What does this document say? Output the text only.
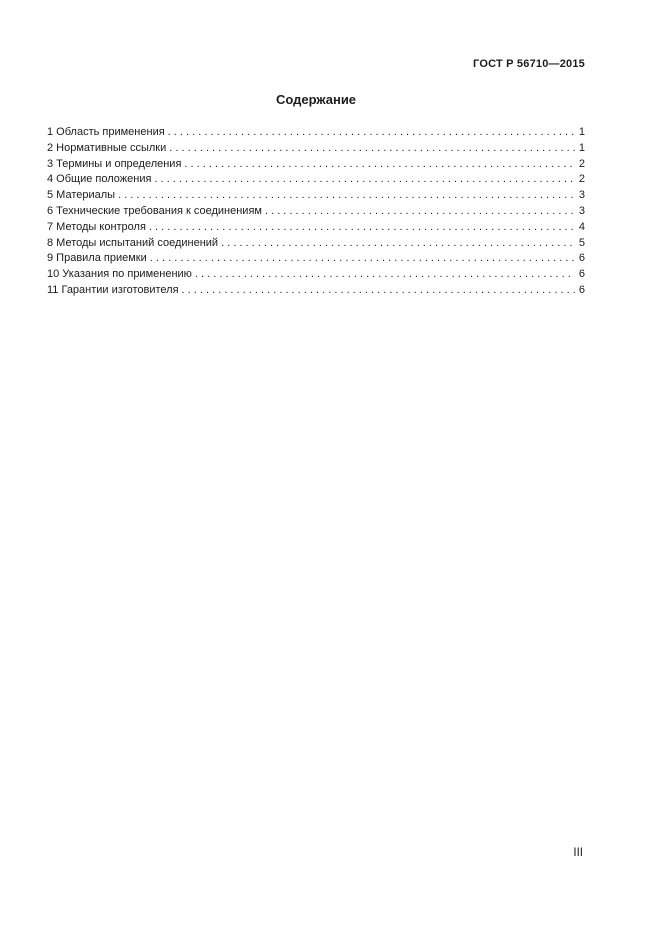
ГОСТ Р 56710—2015
Содержание
1 Область применения . . .	1
2 Нормативные ссылки . . .	1
3 Термины и определения . . .	2
4 Общие положения . . .	2
5 Материалы . . .	3
6 Технические требования к соединениям . . .	3
7 Методы контроля . . .	4
8 Методы испытаний соединений . . .	5
9 Правила приемки . . .	6
10 Указания по применению . . .	6
11 Гарантии изготовителя . . .	6
III
